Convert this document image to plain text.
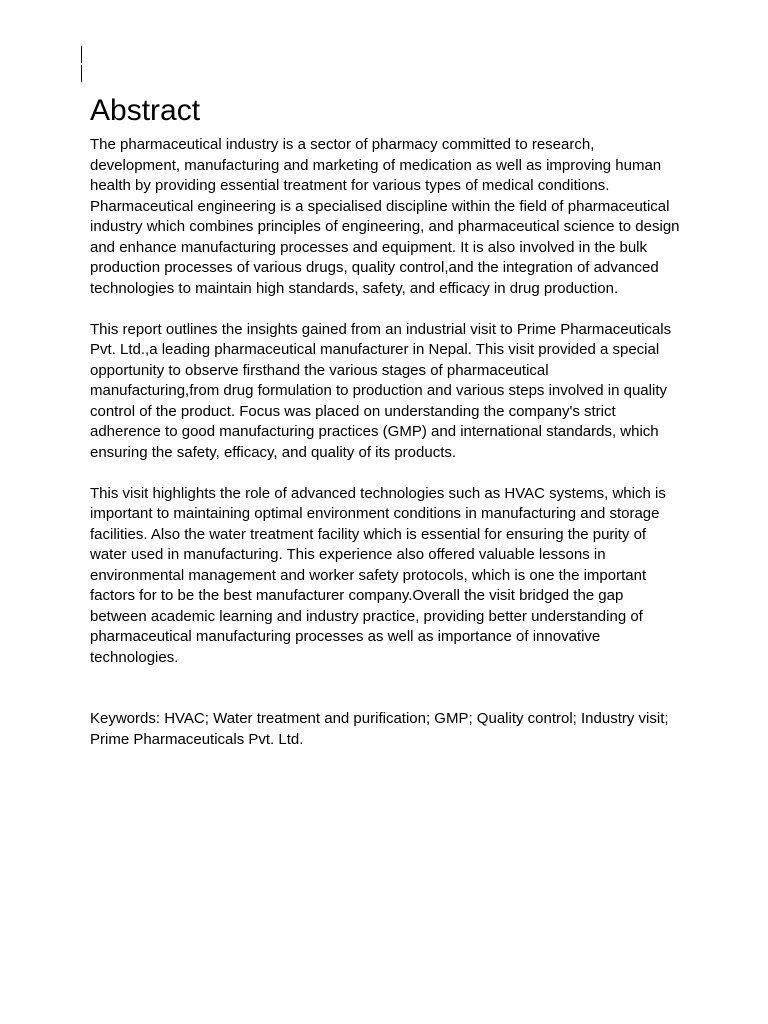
Abstract

The pharmaceutical industry is a sector of pharmacy committed to research, development, manufacturing and marketing of medication as well as improving human health by providing essential treatment for various types of medical conditions. Pharmaceutical engineering is a specialised discipline within the field of pharmaceutical industry which combines principles of engineering, and pharmaceutical science to design and enhance manufacturing processes and equipment. It is also involved in the bulk production processes of various drugs, quality control,and the integration of advanced technologies to maintain high standards, safety, and efficacy in drug production.

This report outlines the insights gained from an industrial visit to Prime Pharmaceuticals Pvt. Ltd.,a leading pharmaceutical manufacturer in Nepal. This visit provided a special opportunity to observe firsthand the various stages of pharmaceutical manufacturing,from drug formulation to production and various steps involved in quality control of the product. Focus was placed on understanding the company's strict adherence to good manufacturing practices (GMP) and international standards, which ensuring the safety, efficacy, and quality of its products.

This visit highlights the role of advanced technologies such as HVAC systems, which is important to maintaining optimal environment conditions in manufacturing and storage facilities. Also the water treatment facility which is essential for ensuring the purity of water used in manufacturing. This experience also offered valuable lessons in environmental management and worker safety protocols, which is one the important factors for to be the best manufacturer company.Overall the visit bridged the gap between academic learning and industry practice, providing better understanding of pharmaceutical manufacturing processes as well as importance of innovative technologies.

Keywords: HVAC; Water treatment and purification; GMP; Quality control; Industry visit; Prime Pharmaceuticals Pvt. Ltd.
